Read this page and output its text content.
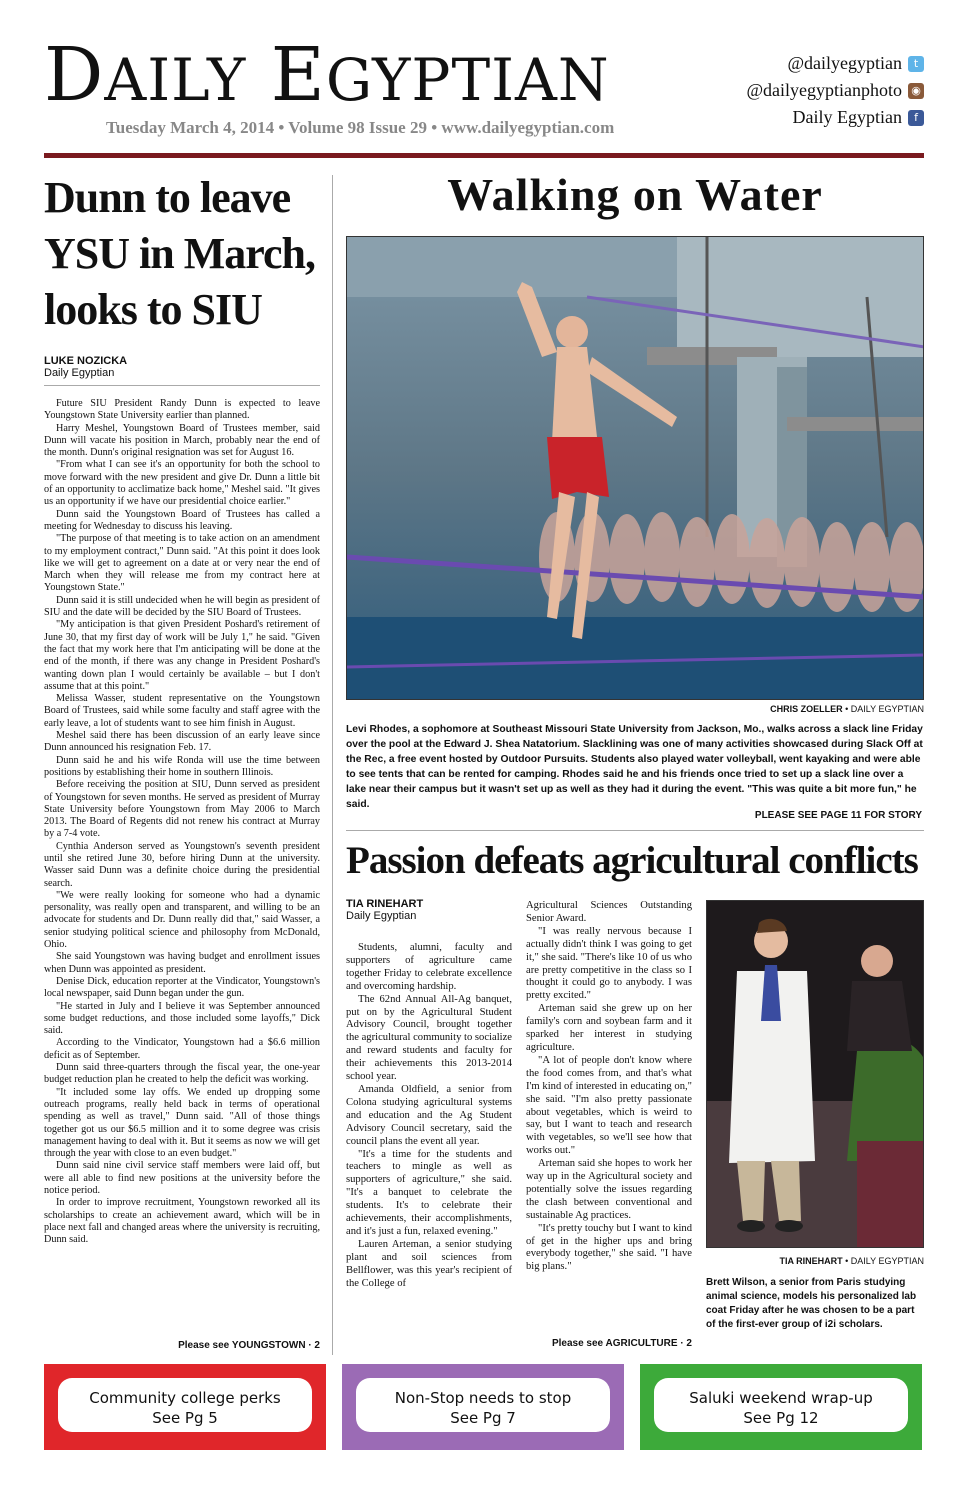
DAILY EGYPTIAN
Tuesday March 4, 2014 • Volume 98 Issue 29 • www.dailyegyptian.com
@dailyegyptian	t
@dailyegyptianphoto ◉
Daily Egyptian	f
Dunn to leave YSU in March, looks to SIU
LUKE NOZICKA
Daily Egyptian

Future SIU President Randy Dunn is expected to leave Youngstown State University earlier than planned.

Harry Meshel, Youngstown Board of Trustees member, said Dunn will vacate his position in March, probably near the end of the month. Dunn's original resignation was set for August 16.

"From what I can see it's an opportunity for both the school to move forward with the new president and give Dr. Dunn a little bit of an opportunity to acclimatize back home," Meshel said. "It gives us an opportunity if we have our presidential choice earlier."

Dunn said the Youngstown Board of Trustees has called a meeting for Wednesday to discuss his leaving.

"The purpose of that meeting is to take action on an amendment to my employment contract," Dunn said. "At this point it does look like we will get to agreement on a date at or very near the end of March when they will release me from my contract here at Youngstown State."

Dunn said it is still undecided when he will begin as president of SIU and the date will be decided by the SIU Board of Trustees.

"My anticipation is that given President Poshard's retirement of June 30, that my first day of work will be July 1," he said. "Given the fact that my work here that I'm anticipating will be done at the end of the month, if there was any change in President Poshard's wanting down plan I would certainly be available – but I don't assume that at this point."

Melissa Wasser, student representative on the Youngstown Board of Trustees, said while some faculty and staff agree with the early leave, a lot of students want to see him finish in August.

Meshel said there has been discussion of an early leave since Dunn announced his resignation Feb. 17.

Dunn said he and his wife Ronda will use the time between positions by establishing their home in southern Illinois.

Before receiving the position at SIU, Dunn served as president of Youngstown for seven months. He served as president of Murray State University before Youngstown from May 2006 to March 2013. The Board of Regents did not renew his contract at Murray by a 7-4 vote.

Cynthia Anderson served as Youngstown's seventh president until she retired June 30, before hiring Dunn at the university. Wasser said Dunn was a definite choice during the presidential search.

"We were really looking for someone who had a dynamic personality, was really open and transparent, and willing to be an advocate for students and Dr. Dunn really did that," said Wasser, a senior studying political science and philosophy from McDonald, Ohio.

She said Youngstown was having budget and enrollment issues when Dunn was appointed as president.

Denise Dick, education reporter at the Vindicator, Youngstown's local newspaper, said Dunn began under the gun.

"He started in July and I believe it was September announced some budget reductions, and those included some layoffs," Dick said.

According to the Vindicator, Youngstown had a $6.6 million deficit as of September.

Dunn said three-quarters through the fiscal year, the one-year budget reduction plan he created to help the deficit was working.

"It included some lay offs. We ended up dropping some outreach programs, really held back in terms of operational spending as well as travel," Dunn said. "All of those things together got us our $6.5 million and it to some degree was crisis management having to deal with it. But it seems as now we will get through the year with close to an even budget."

Dunn said nine civil service staff members were laid off, but were all able to find new positions at the university before the notice period.

In order to improve recruitment, Youngstown reworked all its scholarships to create an achievement award, which will be in place next fall and changed areas where the university is recruiting, Dunn said.

Please see YOUNGSTOWN · 2
Walking on Water
CHRIS ZOELLER • DAILY EGYPTIAN
Levi Rhodes, a sophomore at Southeast Missouri State University from Jackson, Mo., walks across a slack line Friday over the pool at the Edward J. Shea Natatorium. Slacklining was one of many activities showcased during Slack Off at the Rec, a free event hosted by Outdoor Pursuits. Students also played water volleyball, went kayaking and were able to see tents that can be rented for camping. Rhodes said he and his friends once tried to set up a slack line over a lake near their campus but it wasn't set up as well as they had it during the event. "This was quite a bit more fun," he said.
PLEASE SEE PAGE 11 FOR STORY
Passion defeats agricultural conflicts
TIA RINEHART
Daily Egyptian

Students, alumni, faculty and supporters of agriculture came together Friday to celebrate excellence and overcoming hardship.

The 62nd Annual All-Ag banquet, put on by the Agricultural Student Advisory Council, brought together the agricultural community to socialize and reward students and faculty for their achievements this 2013-2014 school year.

Amanda Oldfield, a senior from Colona studying agricultural systems and education and the Ag Student Advisory Council secretary, said the council plans the event all year.

"It's a time for the students and teachers to mingle as well as supporters of agriculture," she said. "It's a banquet to celebrate the students. It's to celebrate their achievements, their accomplishments, and it's just a fun, relaxed evening."

Lauren Arteman, a senior studying plant and soil sciences from Bellflower, was this year's recipient of the College of

Agricultural Sciences Outstanding Senior Award.

"I was really nervous because I actually didn't think I was going to get it," she said. "There's like 10 of us who are pretty competitive in the class so I thought it could go to anybody. I was pretty excited."

Arteman said she grew up on her family's corn and soybean farm and it sparked her interest in studying agriculture.

"A lot of people don't know where the food comes from, and that's what I'm kind of interested in educating on," she said. "I'm also pretty passionate about vegetables, which is weird to say, but I want to teach and research with vegetables, so we'll see how that works out."

Arteman said she hopes to work her way up in the Agricultural society and potentially solve the issues regarding the clash between conventional and sustainable Ag practices.

"It's pretty touchy but I want to kind of get in the higher ups and bring everybody together," she said. "I have big plans."

Please see AGRICULTURE · 2
TIA RINEHART • DAILY EGYPTIAN
Brett Wilson, a senior from Paris studying animal science, models his personalized lab coat Friday after he was chosen to be a part of the first-ever group of i2i scholars.
Community college perks
See Pg 5
Non-Stop needs to stop
See Pg 7
Saluki weekend wrap-up
See Pg 12
